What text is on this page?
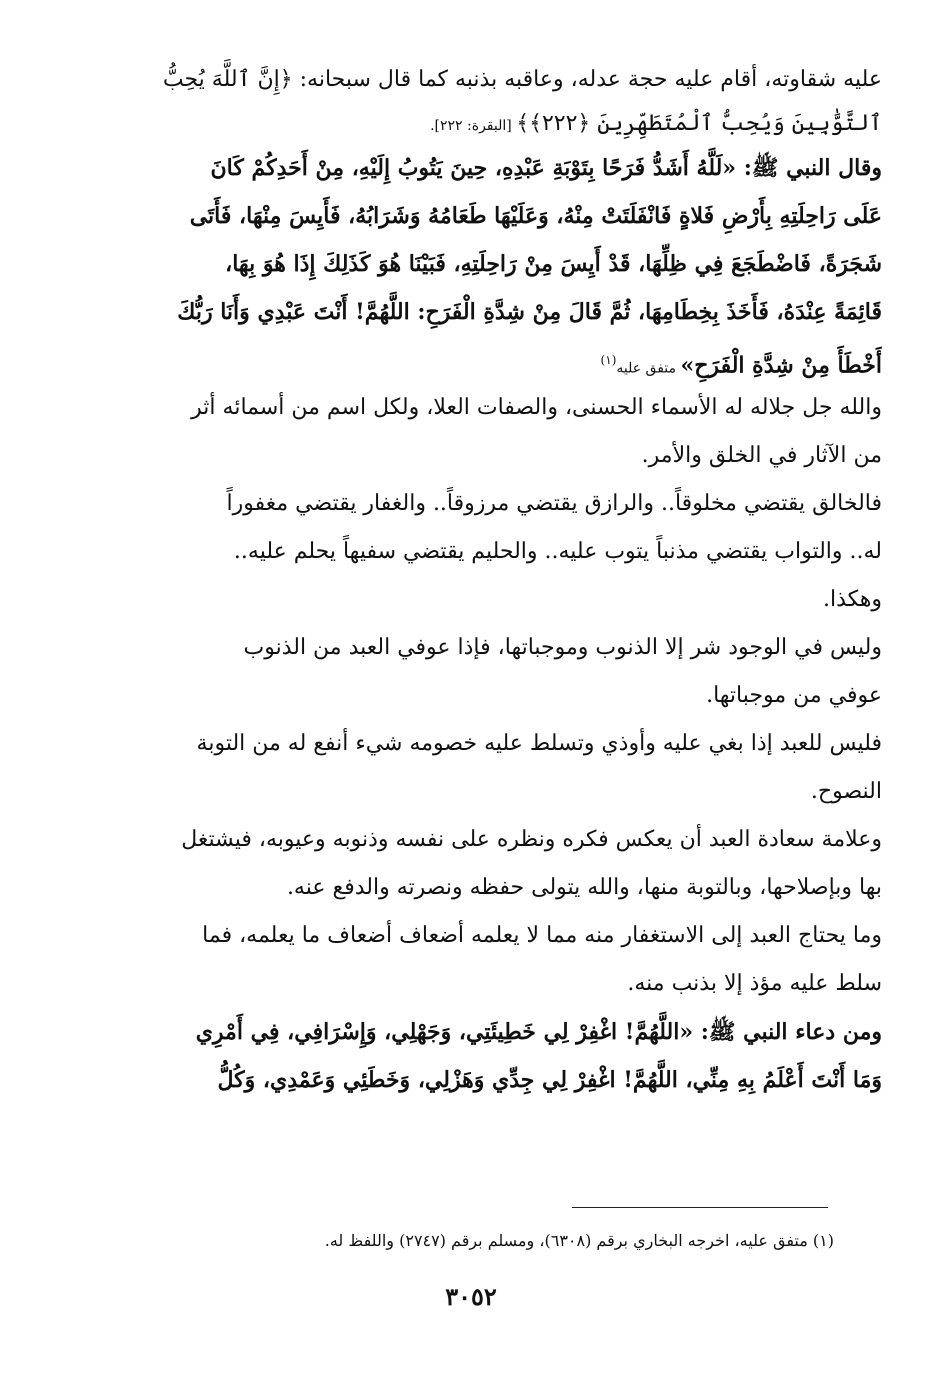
عليه شقاوته، أقام عليه حجة عدله، وعاقبه بذنبه كما قال سبحانه: ﴿إِنَّ ٱللَّهَ يُحِبُّ
ٱلتَّوَّٰبِينَ وَيُحِبُّ ٱلْمُتَطَهِّرِينَ ﴿٢٢٢﴾﴾ [البقرة: ٢٢٢].
وقال النبي ﷺ: «لَلَّهُ أَشَدُّ فَرَحًا بِتَوْبَةِ عَبْدِهِ، حِينَ يَتُوبُ إِلَيْهِ، مِنْ أَحَدِكُمْ كَانَ
عَلَى رَاحِلَتِهِ بِأَرْضِ فَلاةٍ فَانْفَلَتَتْ مِنْهُ، وَعَلَيْهَا طَعَامُهُ وَشَرَابُهُ، فَأَيِسَ مِنْهَا، فَأَتَى
شَجَرَةً، فَاضْطَجَعَ فِي ظِلِّهَا، قَدْ أَيِسَ مِنْ رَاحِلَتِهِ، فَبَيْنَا هُوَ كَذَلِكَ إِذَا هُوَ بِهَا،
قَائِمَةً عِنْدَهُ، فَأَخَذَ بِخِطَامِهَا، ثُمَّ قَالَ مِنْ شِدَّةِ الْفَرَحِ: اللَّهُمَّ! أَنْتَ عَبْدِي وَأَنَا رَبُّكَ
أَخْطَأَ مِنْ شِدَّةِ الْفَرَحِ» متفق عليه$^{(١)}$
والله جل جلاله له الأسماء الحسنى، والصفات العلا، ولكل اسم من أسمائه أثر
من الآثار في الخلق والأمر.
فالخالق يقتضي مخلوقاً.. والرازق يقتضي مرزوقاً.. والغفار يقتضي مغفوراً
له.. والتواب يقتضي مذنباً يتوب عليه.. والحليم يقتضي سفيهاً يحلم عليه..
وهكذا.
وليس في الوجود شر إلا الذنوب وموجباتها، فإذا عوفي العبد من الذنوب
عوفي من موجباتها.
فليس للعبد إذا بغي عليه وأوذي وتسلط عليه خصومه شيء أنفع له من التوبة
النصوح.
وعلامة سعادة العبد أن يعكس فكره ونظره على نفسه وذنوبه وعيوبه، فيشتغل
بها وبإصلاحها، وبالتوبة منها، والله يتولى حفظه ونصرته والدفع عنه.
وما يحتاج العبد إلى الاستغفار منه مما لا يعلمه أضعاف أضعاف ما يعلمه، فما
سلط عليه مؤذ إلا بذنب منه.
ومن دعاء النبي ﷺ: «اللَّهُمَّ! اغْفِرْ لِي خَطِيئَتِي، وَجَهْلِي، وَإِسْرَافِي، فِي أَمْرِي
وَمَا أَنْتَ أَعْلَمُ بِهِ مِنِّي، اللَّهُمَّ! اغْفِرْ لِي جِدِّي وَهَزْلِي، وَخَطَئِي وَعَمْدِي، وَكُلُّ
(١) متفق عليه، اخرجه البخاري برقم (٦٣٠٨)، ومسلم برقم (٢٧٤٧) واللفظ له.
٣٠٥٢
